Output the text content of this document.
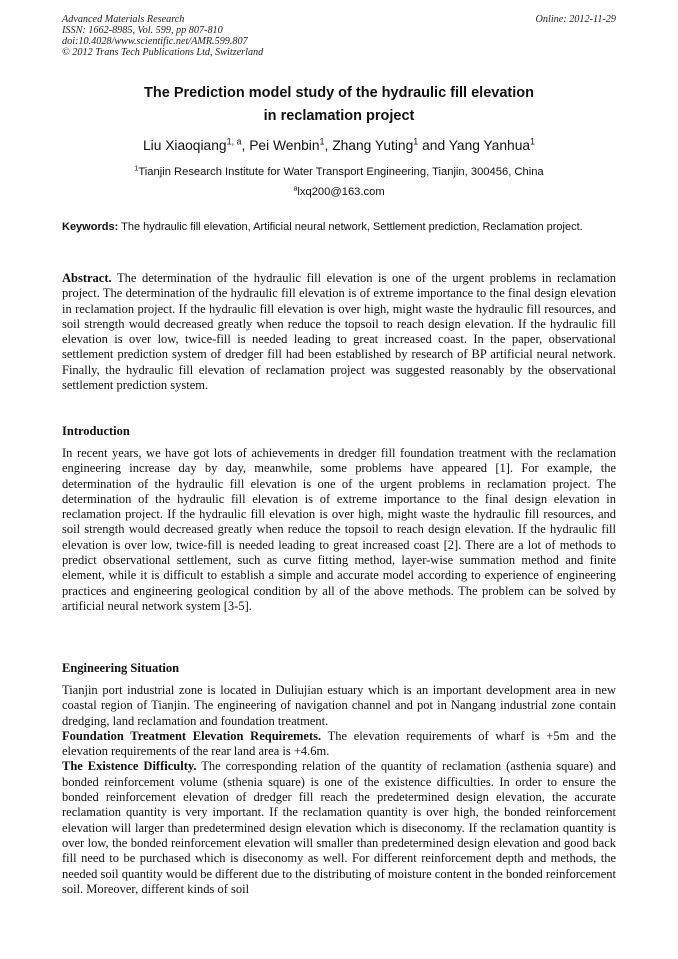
Advanced Materials Research
ISSN: 1662-8985, Vol. 599, pp 807-810
doi:10.4028/www.scientific.net/AMR.599.807
© 2012 Trans Tech Publications Ltd, Switzerland
Online: 2012-11-29
The Prediction model study of the hydraulic fill elevation
in reclamation project
Liu Xiaoqiang$^{1, a}$, Pei Wenbin$^1$, Zhang Yuting$^1$ and Yang Yanhua$^1$
$^1$Tianjin Research Institute for Water Transport Engineering, Tianjin, 300456, China
$^a$lxq200@163.com
Keywords: The hydraulic fill elevation, Artificial neural network, Settlement prediction, Reclamation project.
Abstract. The determination of the hydraulic fill elevation is one of the urgent problems in reclamation project. The determination of the hydraulic fill elevation is of extreme importance to the final design elevation in reclamation project. If the hydraulic fill elevation is over high, might waste the hydraulic fill resources, and soil strength would decreased greatly when reduce the topsoil to reach design elevation. If the hydraulic fill elevation is over low, twice-fill is needed leading to great increased coast. In the paper, observational settlement prediction system of dredger fill had been established by research of BP artificial neural network. Finally, the hydraulic fill elevation of reclamation project was suggested reasonably by the observational settlement prediction system.
Introduction
In recent years, we have got lots of achievements in dredger fill foundation treatment with the reclamation engineering increase day by day, meanwhile, some problems have appeared [1]. For example, the determination of the hydraulic fill elevation is one of the urgent problems in reclamation project. The determination of the hydraulic fill elevation is of extreme importance to the final design elevation in reclamation project. If the hydraulic fill elevation is over high, might waste the hydraulic fill resources, and soil strength would decreased greatly when reduce the topsoil to reach design elevation. If the hydraulic fill elevation is over low, twice-fill is needed leading to great increased coast [2]. There are a lot of methods to predict observational settlement, such as curve fitting method, layer-wise summation method and finite element, while it is difficult to establish a simple and accurate model according to experience of engineering practices and engineering geological condition by all of the above methods. The problem can be solved by artificial neural network system [3-5].
Engineering Situation
Tianjin port industrial zone is located in Duliujian estuary which is an important development area in new coastal region of Tianjin. The engineering of navigation channel and pot in Nangang industrial zone contain dredging, land reclamation and foundation treatment.
Foundation Treatment Elevation Requiremets. The elevation requirements of wharf is +5m and the elevation requirements of the rear land area is +4.6m.
The Existence Difficulty. The corresponding relation of the quantity of reclamation (asthenia square) and bonded reinforcement volume (sthenia square) is one of the existence difficulties. In order to ensure the bonded reinforcement elevation of dredger fill reach the predetermined design elevation, the accurate reclamation quantity is very important. If the reclamation quantity is over high, the bonded reinforcement elevation will larger than predetermined design elevation which is diseconomy. If the reclamation quantity is over low, the bonded reinforcement elevation will smaller than predetermined design elevation and good back fill need to be purchased which is diseconomy as well. For different reinforcement depth and methods, the needed soil quantity would be different due to the distributing of moisture content in the bonded reinforcement soil. Moreover, different kinds of soil
